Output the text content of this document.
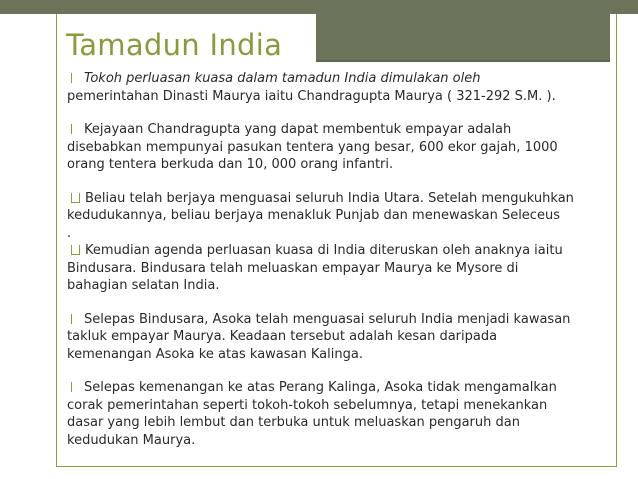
Tamadun India

Tokoh perluasan kuasa dalam tamadun India dimulakan oleh
pemerintahan Dinasti Maurya iaitu Chandragupta Maurya ( 321-292 S.M. ).

Kejayaan Chandragupta yang dapat membentuk empayar adalah
disebabkan mempunyai pasukan tentera yang besar, 600 ekor gajah, 1000
orang tentera berkuda dan 10, 000 orang infantri.

Beliau telah berjaya menguasai seluruh India Utara. Setelah mengukuhkan
kedudukannya, beliau berjaya menakluk Punjab dan menewaskan Seleceus
.

Kemudian agenda perluasan kuasa di India diteruskan oleh anaknya iaitu
Bindusara. Bindusara telah meluaskan empayar Maurya ke Mysore di
bahagian selatan India.

Selepas Bindusara, Asoka telah menguasai seluruh India menjadi kawasan
takluk empayar Maurya. Keadaan tersebut adalah kesan daripada
kemenangan Asoka ke atas kawasan Kalinga.

Selepas kemenangan ke atas Perang Kalinga, Asoka tidak mengamalkan
corak pemerintahan seperti tokoh-tokoh sebelumnya, tetapi menekankan
dasar yang lebih lembut dan terbuka untuk meluaskan pengaruh dan
kedudukan Maurya.
